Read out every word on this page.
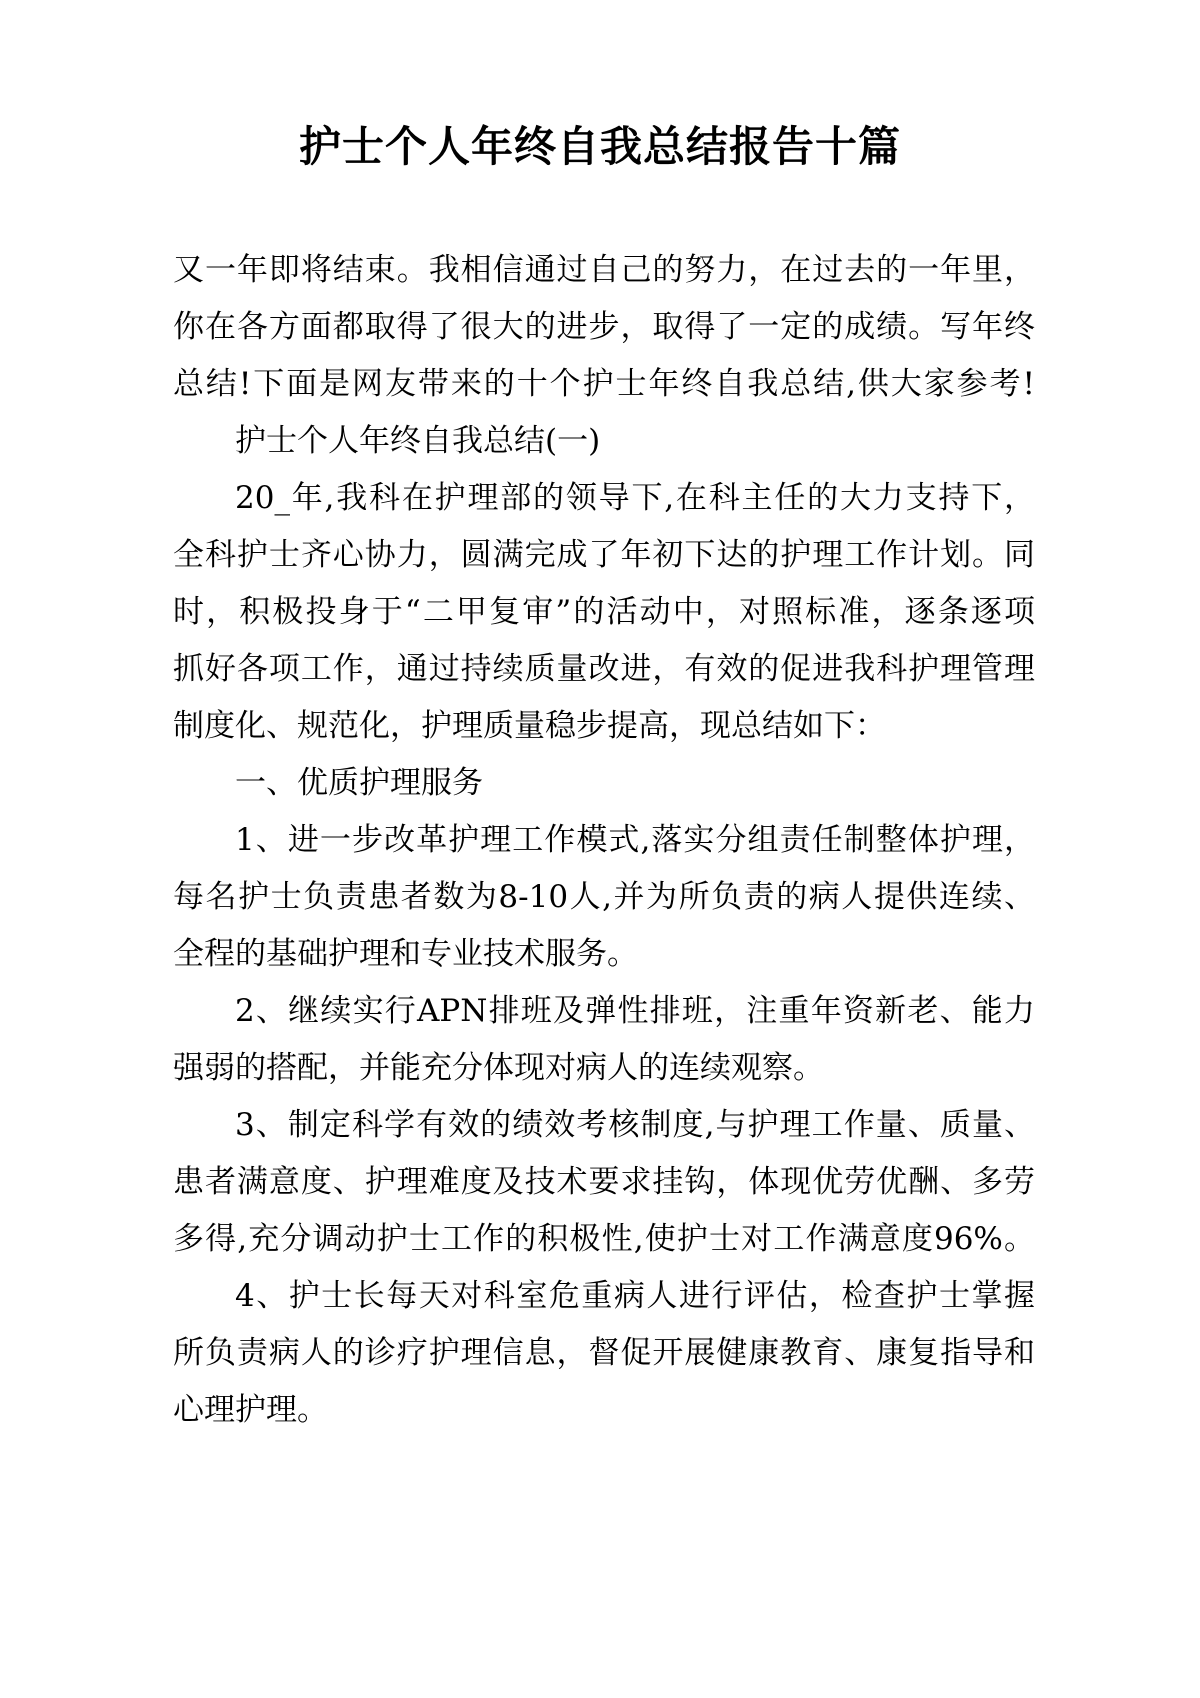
护士个人年终自我总结报告十篇
又一年即将结束。我相信通过自己的努力，在过去的一年里，
你在各方面都取得了很大的进步，取得了一定的成绩。写年终
总结!下面是网友带来的十个护士年终自我总结,供大家参考!
护士个人年终自我总结(一)
20_年,我科在护理部的领导下,在科主任的大力支持下，
全科护士齐心协力，圆满完成了年初下达的护理工作计划。同
时，积极投身于“二甲复审”的活动中，对照标准，逐条逐项
抓好各项工作，通过持续质量改进，有效的促进我科护理管理
制度化、规范化，护理质量稳步提高，现总结如下：
一、优质护理服务
1、进一步改革护理工作模式,落实分组责任制整体护理，
每名护士负责患者数为8-10人,并为所负责的病人提供连续、
全程的基础护理和专业技术服务。
2、继续实行APN排班及弹性排班，注重年资新老、能力
强弱的搭配，并能充分体现对病人的连续观察。
3、制定科学有效的绩效考核制度,与护理工作量、质量、
患者满意度、护理难度及技术要求挂钩，体现优劳优酬、多劳
多得,充分调动护士工作的积极性,使护士对工作满意度96%。
4、护士长每天对科室危重病人进行评估，检查护士掌握
所负责病人的诊疗护理信息，督促开展健康教育、康复指导和
心理护理。
